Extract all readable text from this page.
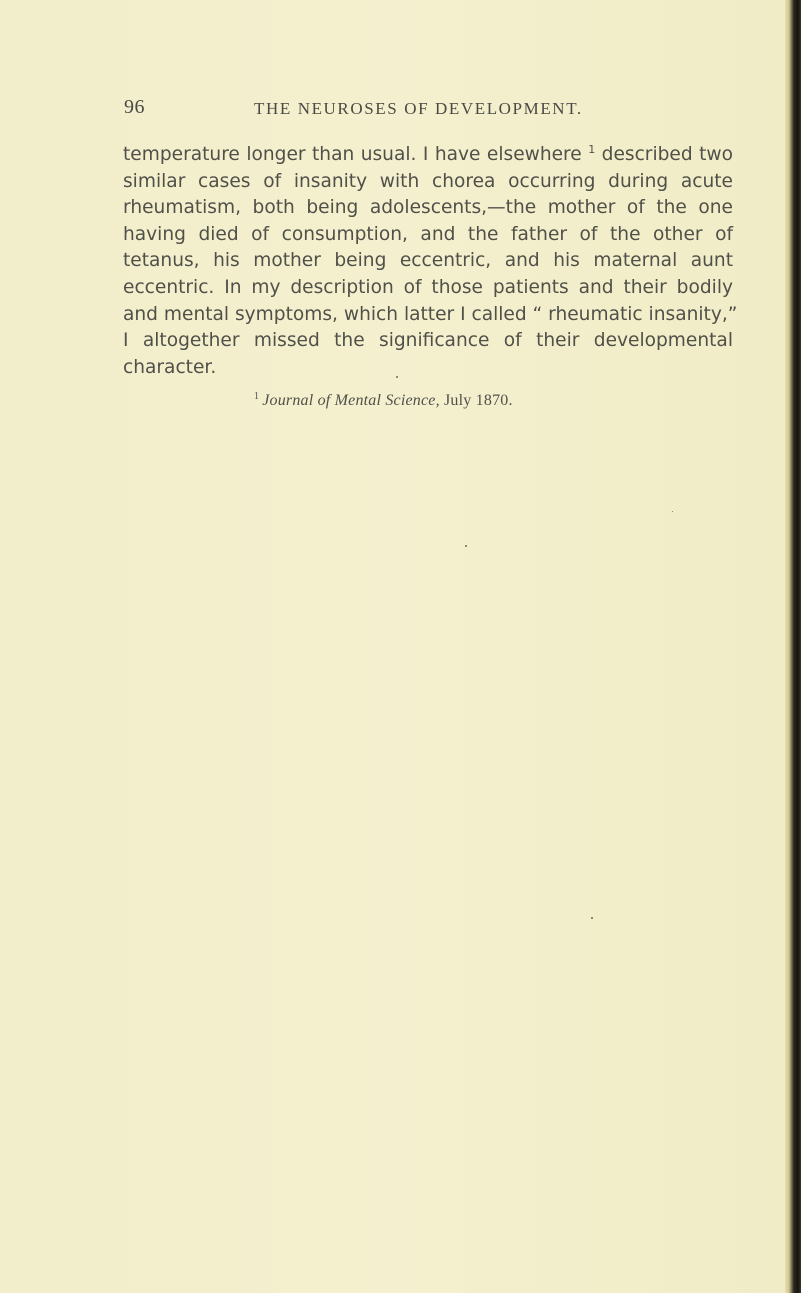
96	THE NEUROSES OF DEVELOPMENT.
temperature longer than usual. I have elsewhere $^1$ described two
similar cases of insanity with chorea occurring during acute
rheumatism, both being adolescents,—the mother of the one
having died of consumption, and the father of the other of
tetanus, his mother being eccentric, and his maternal aunt
eccentric. In my description of those patients and their bodily
and mental symptoms, which latter I called “ rheumatic insanity,”
I altogether missed the significance of their developmental
character.
$^1$ Journal of Mental Science, July 1870.
